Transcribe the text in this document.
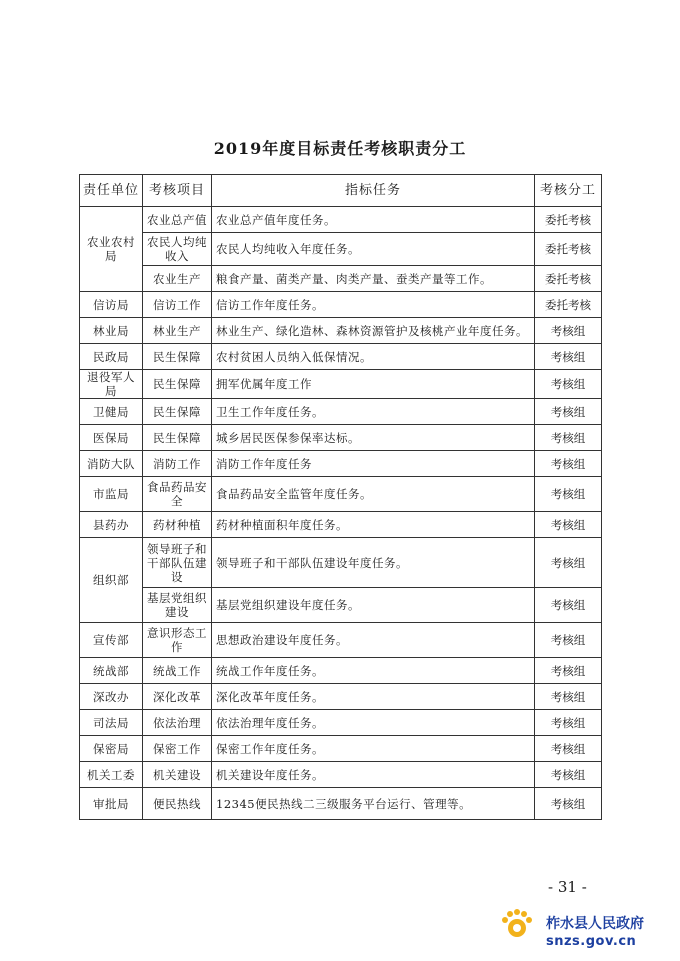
2019年度目标责任考核职责分工
责任单位	考核项目	指标任务	考核分工
农业农村局	农业总产值	农业总产值年度任务。	委托考核
	农民人均纯收入	农民人均纯收入年度任务。	委托考核
	农业生产	粮食产量、菌类产量、肉类产量、蚕类产量等工作。	委托考核
信访局	信访工作	信访工作年度任务。	委托考核
林业局	林业生产	林业生产、绿化造林、森林资源管护及核桃产业年度任务。	考核组
民政局	民生保障	农村贫困人员纳入低保情况。	考核组
退役军人局	民生保障	拥军优属年度工作	考核组
卫健局	民生保障	卫生工作年度任务。	考核组
医保局	民生保障	城乡居民医保参保率达标。	考核组
消防大队	消防工作	消防工作年度任务	考核组
市监局	食品药品安全	食品药品安全监管年度任务。	考核组
县药办	药材种植	药材种植面积年度任务。	考核组
组织部	领导班子和干部队伍建设	领导班子和干部队伍建设年度任务。	考核组
	基层党组织建设	基层党组织建设年度任务。	考核组
宣传部	意识形态工作	思想政治建设年度任务。	考核组
统战部	统战工作	统战工作年度任务。	考核组
深改办	深化改革	深化改革年度任务。	考核组
司法局	依法治理	依法治理年度任务。	考核组
保密局	保密工作	保密工作年度任务。	考核组
机关工委	机关建设	机关建设年度任务。	考核组
审批局	便民热线	12345便民热线二三级服务平台运行、管理等。	考核组
- 31 -
柞水县人民政府
snzs.gov.cn
